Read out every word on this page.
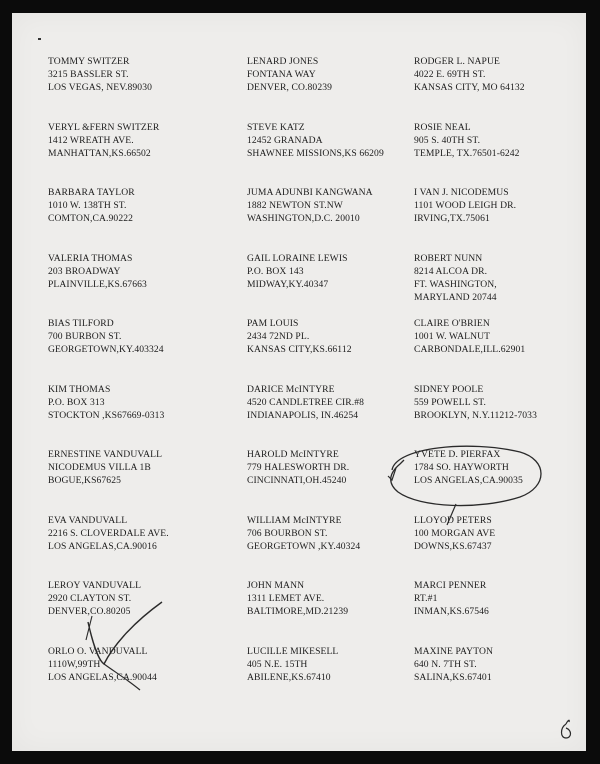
TOMMY SWITZER
3215 BASSLER ST.
LOS VEGAS, NEV.89030
LENARD JONES
FONTANA WAY
DENVER, CO.80239
RODGER L. NAPUE
4022 E. 69TH ST.
KANSAS CITY, MO 64132
VERYL &FERN SWITZER
1412 WREATH AVE.
MANHATTAN,KS.66502
STEVE KATZ
12452 GRANADA
SHAWNEE MISSIONS,KS 66209
ROSIE NEAL
905 S. 40TH ST.
TEMPLE, TX.76501-6242
BARBARA TAYLOR
1010 W. 138TH ST.
COMTON,CA.90222
JUMA ADUNBI KANGWANA
1882 NEWTON ST.NW
WASHINGTON,D.C. 20010
I VAN J. NICODEMUS
1101 WOOD LEIGH DR.
IRVING,TX.75061
VALERIA THOMAS
203 BROADWAY
PLAINVILLE,KS.67663
GAIL LORAINE LEWIS
P.O. BOX 143
MIDWAY,KY.40347
ROBERT NUNN
8214 ALCOA DR.
FT. WASHINGTON,
MARYLAND 20744
BIAS TILFORD
700 BURBON ST.
GEORGETOWN,KY.403324
PAM LOUIS
2434 72ND PL.
KANSAS CITY,KS.66112
CLAIRE O'BRIEN
1001 W. WALNUT
CARBONDALE,ILL.62901
KIM THOMAS
P.O. BOX 313
STOCKTON ,KS67669-0313
DARICE McINTYRE
4520 CANDLETREE CIR.#8
INDIANAPOLIS, IN.46254
SIDNEY POOLE
559 POWELL ST.
BROOKLYN, N.Y.11212-7033
ERNESTINE VANDUVALL
NICODEMUS VILLA 1B
BOGUE,KS67625
HAROLD McINTYRE
779 HALESWORTH DR.
CINCINNATI,OH.45240
YVETE D. PIERFAX
1784 SO. HAYWORTH
LOS ANGELAS,CA.90035
EVA VANDUVALL
2216 S. CLOVERDALE AVE.
LOS ANGELAS,CA.90016
WILLIAM McINTYRE
706 BOURBON ST.
GEORGETOWN ,KY.40324
LLOYOD PETERS
100 MORGAN AVE
DOWNS,KS.67437
LEROY VANDUVALL
2920 CLAYTON ST.
DENVER,CO.80205
JOHN MANN
1311 LEMET AVE.
BALTIMORE,MD.21239
MARCI PENNER
RT.#1
INMAN,KS.67546
ORLO O. VANDUVALL
1110W,99TH
LOS ANGELAS,CA.90044
LUCILLE MIKESELL
405 N.E. 15TH
ABILENE,KS.67410
MAXINE PAYTON
640 N. 7TH ST.
SALINA,KS.67401
